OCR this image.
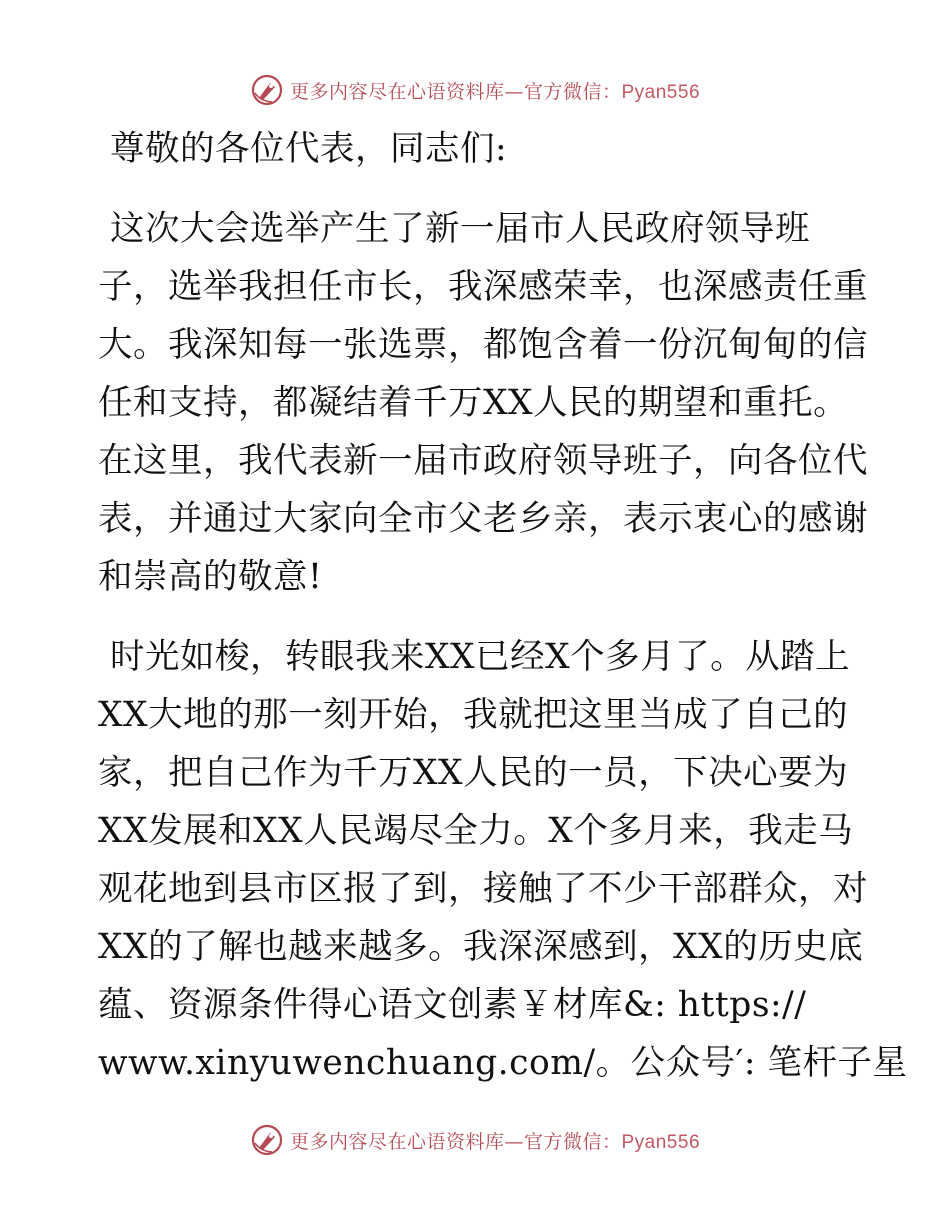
更多内容尽在心语资料库—官方微信：Pyan556

尊敬的各位代表，同志们:

这次大会选举产生了新一届市人民政府领导班
子，选举我担任市长，我深感荣幸，也深感责任重
大。我深知每一张选票，都饱含着一份沉甸甸的信
任和支持，都凝结着千万XX人民的期望和重托。
在这里，我代表新一届市政府领导班子，向各位代
表，并通过大家向全市父老乡亲，表示衷心的感谢
和崇高的敬意!

时光如梭，转眼我来XX已经X个多月了。从踏上
XX大地的那一刻开始，我就把这里当成了自己的
家，把自己作为千万XX人民的一员，下决心要为
XX发展和XX人民竭尽全力。X个多月来，我走马
观花地到县市区报了到，接触了不少干部群众，对
XX的了解也越来越多。我深深感到，XX的历史底
蕴、资源条件得心语文创素￥材库&: https://
www.xinyuwenchuang.com/。公众号′: 笔杆子星

更多内容尽在心语资料库—官方微信：Pyan556
